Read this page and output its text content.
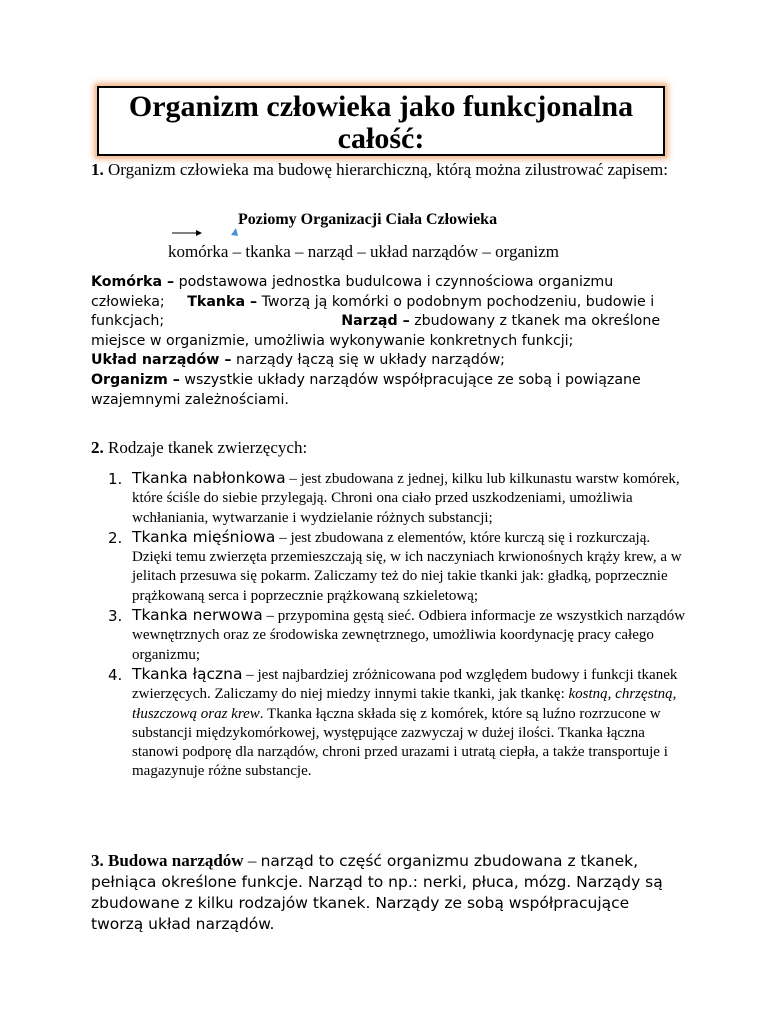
Organizm człowieka jako funkcjonalna całość:
1. Organizm człowieka ma budowę hierarchiczną, którą można zilustrować zapisem:
Poziomy Organizacji Ciała Człowieka
komórka – tkanka – narząd – układ narządów – organizm
Komórka – podstawowa jednostka budulcowa i czynnościowa organizmu człowieka; Tkanka – Tworzą ją komórki o podobnym pochodzeniu, budowie i funkcjach;	Narząd – zbudowany z tkanek ma określone miejsce w organizmie, umożliwia wykonywanie konkretnych funkcji;
Układ narządów – narządy łączą się w układy narządów;
Organizm – wszystkie układy narządów współpracujące ze sobą i powiązane wzajemnymi zależnościami.
2. Rodzaje tkanek zwierzęcych:
1. Tkanka nabłonkowa – jest zbudowana z jednej, kilku lub kilkunastu warstw komórek, które ściśle do siebie przylegają. Chroni ona ciało przed uszkodzeniami, umożliwia wchłaniania, wytwarzanie i wydzielanie różnych substancji;
2. Tkanka mięśniowa – jest zbudowana z elementów, które kurczą się i rozkurczają. Dzięki temu zwierzęta przemieszczają się, w ich naczyniach krwionośnych krąży krew, a w jelitach przesuwa się pokarm. Zaliczamy też do niej takie tkanki jak: gładką, poprzecznie prążkowaną serca i poprzecznie prążkowaną szkieletową;
3. Tkanka nerwowa – przypomina gęstą sieć. Odbiera informacje ze wszystkich narządów wewnętrznych oraz ze środowiska zewnętrznego, umożliwia koordynację pracy całego organizmu;
4. Tkanka łączna – jest najbardziej zróżnicowana pod względem budowy i funkcji tkanek zwierzęcych. Zaliczamy do niej miedzy innymi takie tkanki, jak tkankę: kostną, chrzęstną, tłuszczową oraz krew. Tkanka łączna składa się z komórek, które są luźno rozrzucone w substancji międzykomórkowej, występujące zazwyczaj w dużej ilości. Tkanka łączna stanowi podporę dla narządów, chroni przed urazami i utratą ciepła, a także transportuje i magazynuje różne substancje.
3. Budowa narządów – narząd to część organizmu zbudowana z tkanek, pełniąca określone funkcje. Narząd to np.: nerki, płuca, mózg. Narządy są zbudowane z kilku rodzajów tkanek. Narządy ze sobą współpracujące tworzą układ narządów.
